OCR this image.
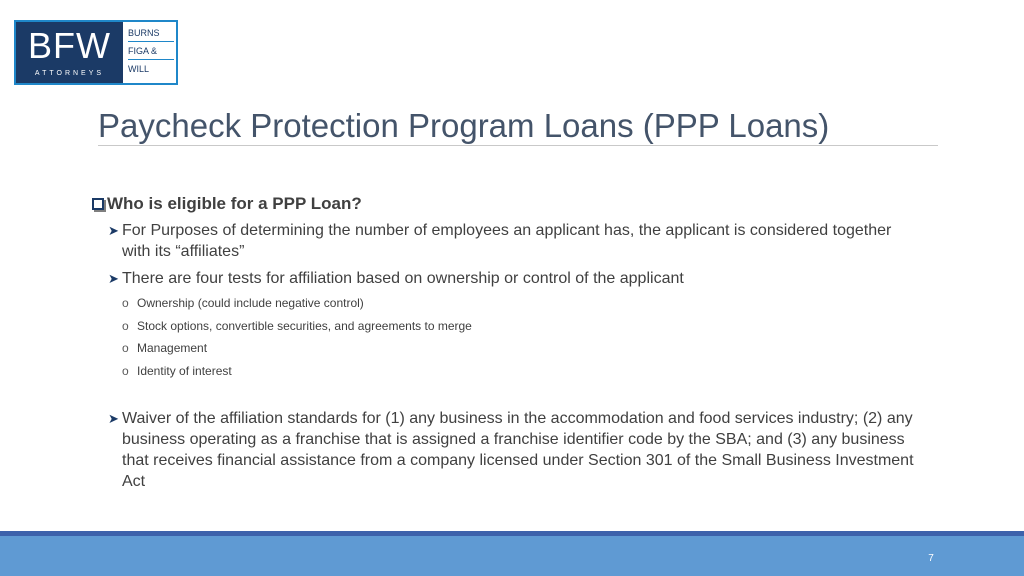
BFW
ATTORNEYS
BURNS
FIGA &
WILL
Paycheck Protection Program Loans (PPP Loans)
Who is eligible for a PPP Loan?
➤ For Purposes of determining the number of employees an applicant has, the applicant is considered together with its “affiliates”
➤ There are four tests for affiliation based on ownership or control of the applicant
o Ownership (could include negative control)
o Stock options, convertible securities, and agreements to merge
o Management
o Identity of interest
➤ Waiver of the affiliation standards for (1) any business in the accommodation and food services industry; (2) any business operating as a franchise that is assigned a franchise identifier code by the SBA; and (3) any business that receives financial assistance from a company licensed under Section 301 of the Small Business Investment Act
7
